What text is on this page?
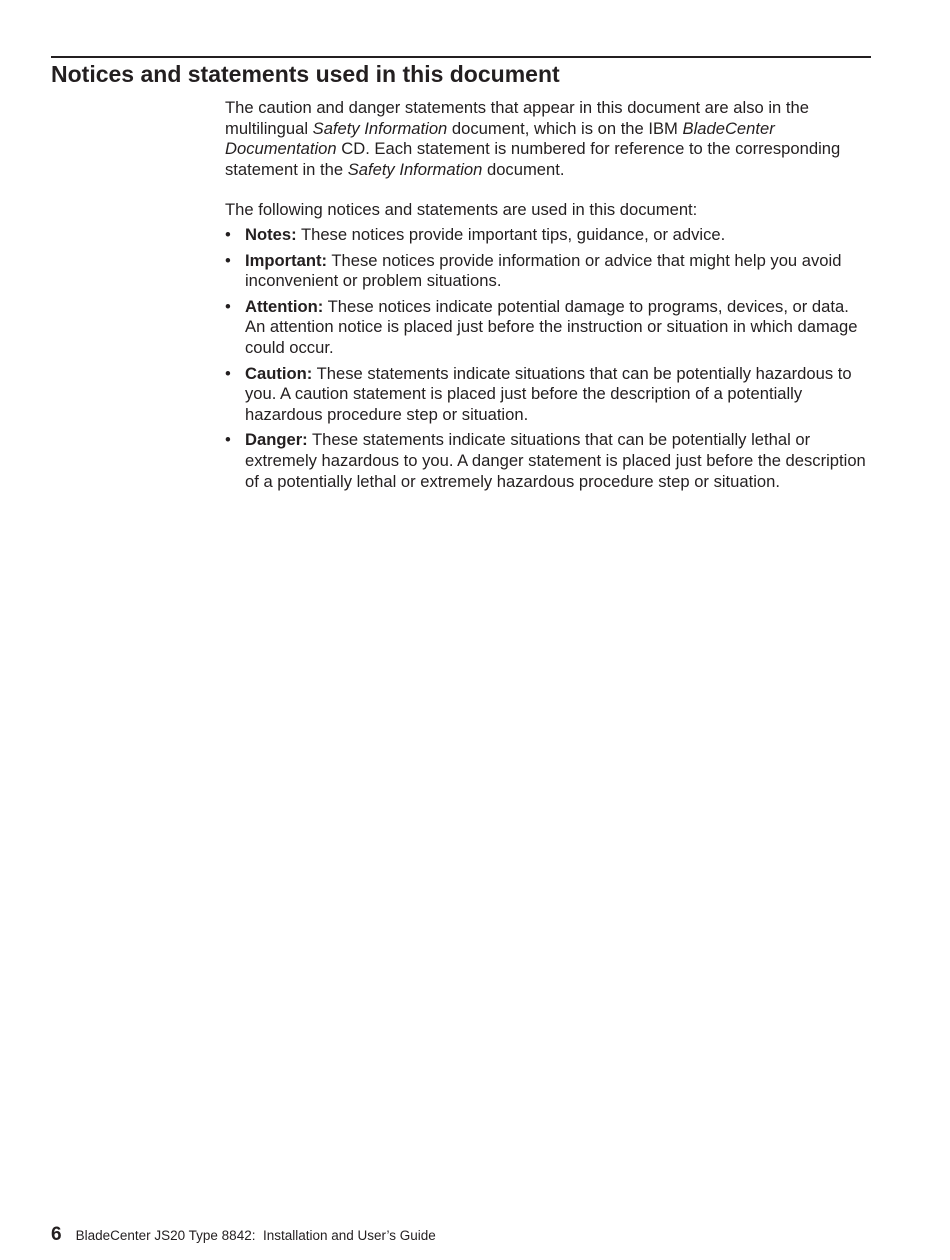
Notices and statements used in this document

The caution and danger statements that appear in this document are also in the multilingual Safety Information document, which is on the IBM BladeCenter Documentation CD. Each statement is numbered for reference to the corresponding statement in the Safety Information document.

The following notices and statements are used in this document:

• Notes: These notices provide important tips, guidance, or advice.
• Important: These notices provide information or advice that might help you avoid inconvenient or problem situations.
• Attention: These notices indicate potential damage to programs, devices, or data. An attention notice is placed just before the instruction or situation in which damage could occur.
• Caution: These statements indicate situations that can be potentially hazardous to you. A caution statement is placed just before the description of a potentially hazardous procedure step or situation.
• Danger: These statements indicate situations that can be potentially lethal or extremely hazardous to you. A danger statement is placed just before the description of a potentially lethal or extremely hazardous procedure step or situation.
6 BladeCenter JS20 Type 8842:  Installation and User’s Guide
